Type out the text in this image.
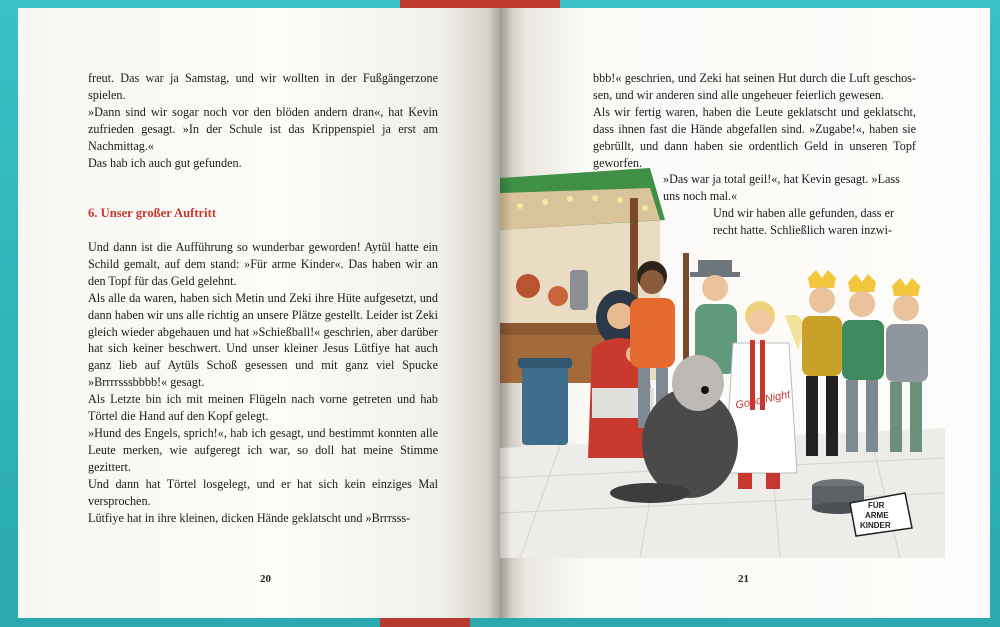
freut. Das war ja Samstag, und wir wollten in der Fußgängerzone spielen.

»Dann sind wir sogar noch vor den blöden andern dran«, hat Kevin zufrieden gesagt. »In der Schule ist das Krippenspiel ja erst am Nachmittag.«

Das hab ich auch gut gefunden.

6. Unser großer Auftritt

Und dann ist die Aufführung so wunderbar geworden! Aytül hatte ein Schild gemalt, auf dem stand: »Für arme Kinder«. Das haben wir an den Topf für das Geld gelehnt.

Als alle da waren, haben sich Metin und Zeki ihre Hüte aufgesetzt, und dann haben wir uns alle richtig an unsere Plätze gestellt. Leider ist Zeki gleich wieder abgehauen und hat »Schießball!« geschrien, aber darüber hat sich keiner beschwert. Und unser kleiner Jesus Lütfiye hat auch ganz lieb auf Aytüls Schoß gesessen und mit ganz viel Spucke »Brrrrsssbbbb!« gesagt.

Als Letzte bin ich mit meinen Flügeln nach vorne getreten und hab Törtel die Hand auf den Kopf gelegt.

»Hund des Engels, sprich!«, hab ich gesagt, und bestimmt konnten alle Leute merken, wie aufgeregt ich war, so doll hat meine Stimme gezittert.

Und dann hat Törtel losgelegt, und er hat sich kein einziges Mal versprochen.

Lütfiye hat in ihre kleinen, dicken Hände geklatscht und »Brrrsss-

20

bbb!« geschrien, und Zeki hat seinen Hut durch die Luft geschossen, und wir anderen sind alle ungeheuer feierlich gewesen.

Als wir fertig waren, haben die Leute geklatscht und geklatscht, dass ihnen fast die Hände abgefallen sind. »Zugabe!«, haben sie gebrüllt, und dann haben sie ordentlich Geld in unseren Topf geworfen.

»Das war ja total geil!«, hat Kevin gesagt. »Lass uns noch mal.«

Und wir haben alle gefunden, dass er recht hatte. Schließlich waren inzwi-

Good Night
FÜR
ARME
KINDER
21
